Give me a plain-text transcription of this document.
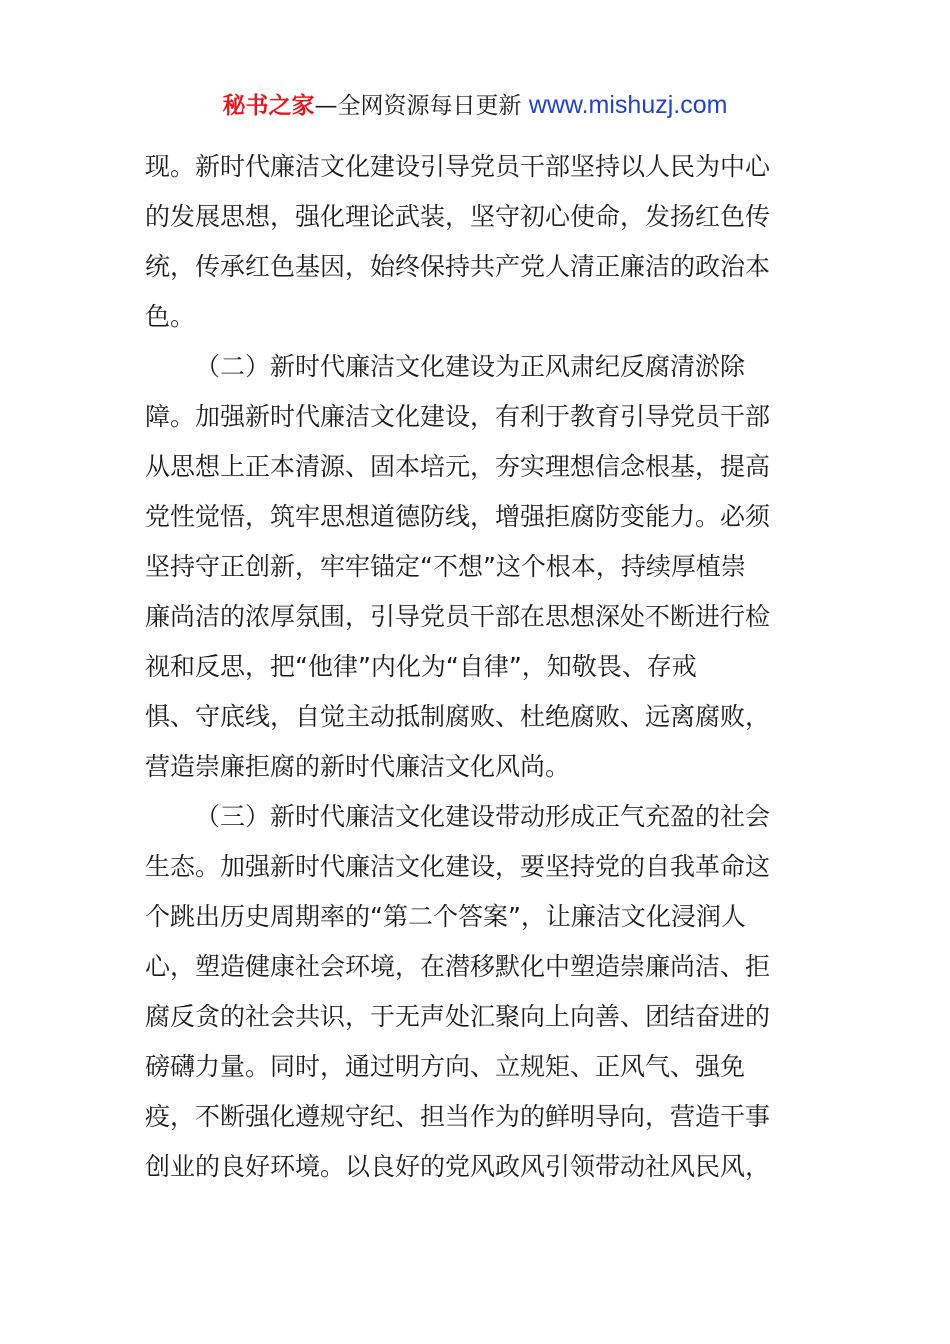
秘书之家—全网资源每日更新 www.mishuzj.com
现。新时代廉洁文化建设引导党员干部坚持以人民为中心
的发展思想，强化理论武装，坚守初心使命，发扬红色传
统，传承红色基因，始终保持共产党人清正廉洁的政治本
色。
（二）新时代廉洁文化建设为正风肃纪反腐清淤除
障。加强新时代廉洁文化建设，有利于教育引导党员干部
从思想上正本清源、固本培元，夯实理想信念根基，提高
党性觉悟，筑牢思想道德防线，增强拒腐防变能力。必须
坚持守正创新，牢牢锚定“不想”这个根本，持续厚植崇
廉尚洁的浓厚氛围，引导党员干部在思想深处不断进行检
视和反思，把“他律”内化为“自律”，知敬畏、存戒
惧、守底线，自觉主动抵制腐败、杜绝腐败、远离腐败，
营造崇廉拒腐的新时代廉洁文化风尚。
（三）新时代廉洁文化建设带动形成正气充盈的社会
生态。加强新时代廉洁文化建设，要坚持党的自我革命这
个跳出历史周期率的“第二个答案”，让廉洁文化浸润人
心，塑造健康社会环境，在潜移默化中塑造崇廉尚洁、拒
腐反贪的社会共识，于无声处汇聚向上向善、团结奋进的
磅礴力量。同时，通过明方向、立规矩、正风气、强免
疫，不断强化遵规守纪、担当作为的鲜明导向，营造干事
创业的良好环境。以良好的党风政风引领带动社风民风，
